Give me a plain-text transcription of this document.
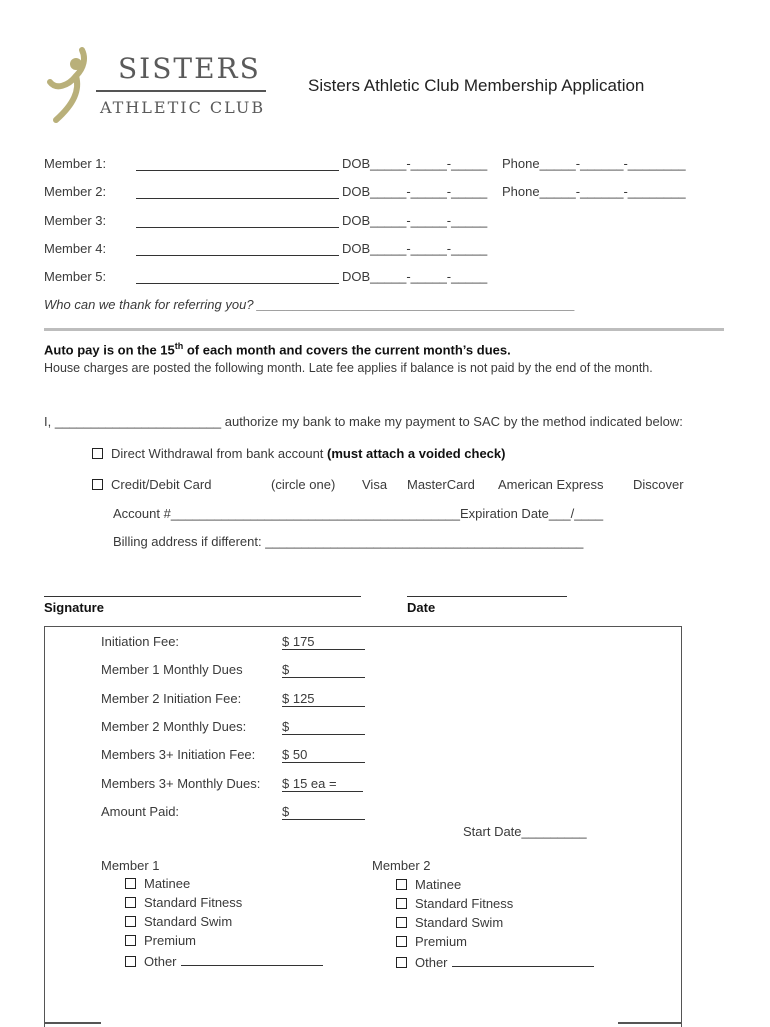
SISTERS
ATHLETIC CLUB
Sisters Athletic Club Membership Application
Member 1:	DOB_____-_____-_____ Phone_____-______-________
Member 2:	DOB_____-_____-_____ Phone_____-______-________
Member 3:	DOB_____-_____-_____
Member 4:	DOB_____-_____-_____
Member 5:	DOB_____-_____-_____
Who can we thank for referring you? ____________________________________________
Auto pay is on the 15th of each month and covers the current month’s dues.
House charges are posted the following month. Late fee applies if balance is not paid by the end of the month.
I, _______________________ authorize my bank to make my payment to SAC by the method indicated below:
Direct Withdrawal from bank account (must attach a voided check)
Credit/Debit Card	(circle one) Visa MasterCard American Express Discover
Account #________________________________________Expiration Date___/____
Billing address if different: ____________________________________________
Signature	Date
Initiation Fee:	$ 175
Member 1 Monthly Dues	$
Member 2 Initiation Fee:	$ 125
Member 2 Monthly Dues:	$
Members 3+ Initiation Fee: $ 50
Members 3+ Monthly Dues: $ 15 ea =
Amount Paid:	$
Start Date_________
Member 1
Matinee
Standard Fitness
Standard Swim
Premium
Other
Member 2
Matinee
Standard Fitness
Standard Swim
Premium
Other
